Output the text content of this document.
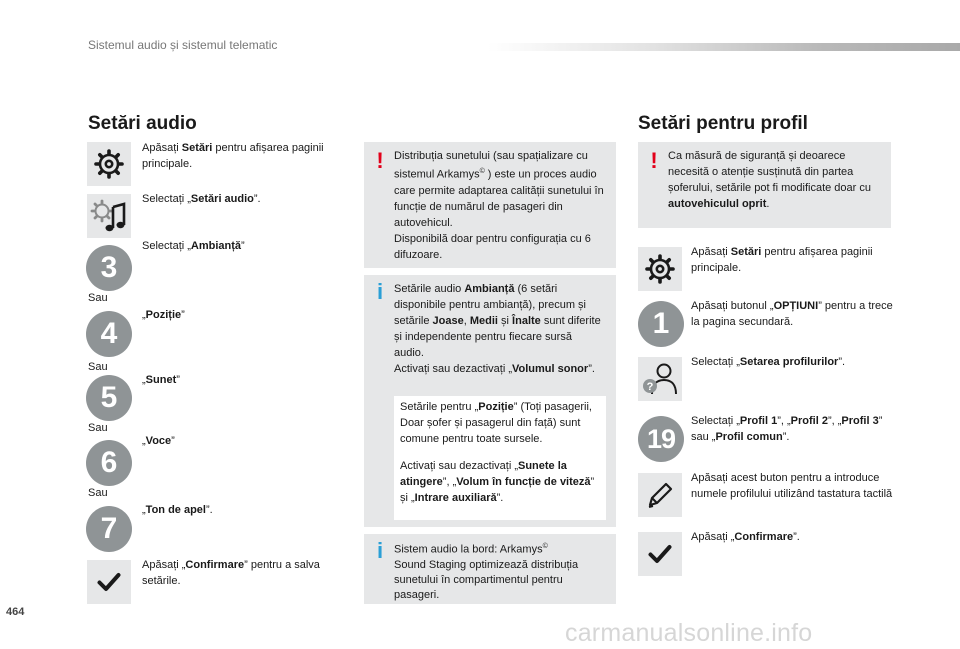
Sistemul audio și sistemul telematic
Setări audio
Apăsați Setări pentru afișarea paginii principale.
Selectați „Setări audio”.
3
Selectați „Ambianță”
Sau
4
„Poziție”
Sau
5
„Sunet”
Sau
6
„Voce”
Sau
7
„Ton de apel”.
Apăsați „Confirmare” pentru a salva setările.
! Distribuția sunetului (sau spațializare cu sistemul Arkamys© ) este un proces audio care permite adaptarea calității sunetului în funcție de numărul de pasageri din autovehicul.
Disponibilă doar pentru configurația cu 6 difuzoare.
i Setările audio Ambianță (6 setări disponibile pentru ambianță), precum și setările Joase, Medii și Înalte sunt diferite și independente pentru fiecare sursă audio.
Activați sau dezactivați „Volumul sonor”.
Setările pentru „Poziție” (Toți pasagerii, Doar șofer și pasagerul din față) sunt comune pentru toate sursele.
Activați sau dezactivați „Sunete la atingere”, „Volum în funcție de viteză” și „Intrare auxiliară”.
i Sistem audio la bord: Arkamys©
Sound Staging optimizează distribuția sunetului în compartimentul pentru pasageri.
Setări pentru profil
! Ca măsură de siguranță și deoarece necesită o atenție susținută din partea șoferului, setările pot fi modificate doar cu autovehiculul oprit.
Apăsați Setări pentru afișarea paginii principale.
1
Apăsați butonul „OPȚIUNI” pentru a trece la pagina secundară.
?
Selectați „Setarea profilurilor”.
19
Selectați „Profil 1”, „Profil 2”, „Profil 3” sau „Profil comun”.
Apăsați acest buton pentru a introduce numele profilului utilizând tastatura tactilă
Apăsați „Confirmare”.
464
carmanualsonline.info
